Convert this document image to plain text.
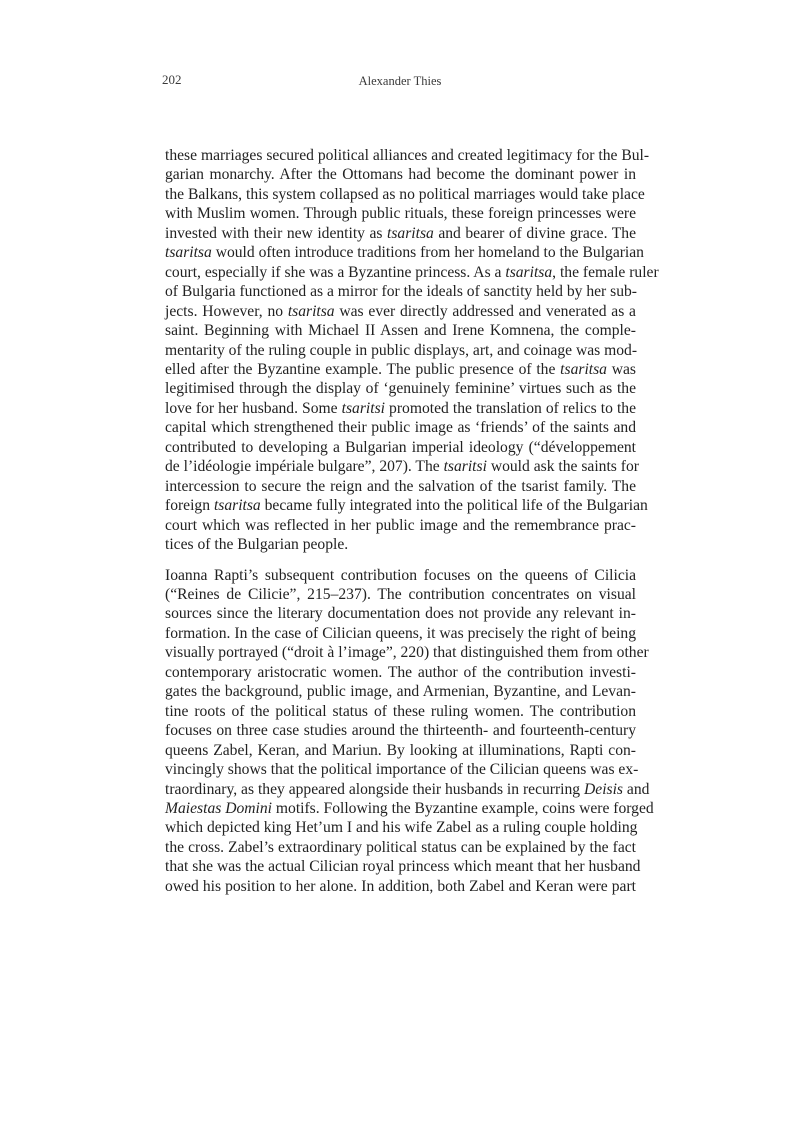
202	Alexander Thies

these marriages secured political alliances and created legitimacy for the Bul-
garian monarchy. After the Ottomans had become the dominant power in
the Balkans, this system collapsed as no political marriages would take place
with Muslim women. Through public rituals, these foreign princesses were
invested with their new identity as tsaritsa and bearer of divine grace. The
tsaritsa would often introduce traditions from her homeland to the Bulgarian
court, especially if she was a Byzantine princess. As a tsaritsa, the female ruler
of Bulgaria functioned as a mirror for the ideals of sanctity held by her sub-
jects. However, no tsaritsa was ever directly addressed and venerated as a
saint. Beginning with Michael II Assen and Irene Komnena, the comple-
mentarity of the ruling couple in public displays, art, and coinage was mod-
elled after the Byzantine example. The public presence of the tsaritsa was
legitimised through the display of ‘genuinely feminine’ virtues such as the
love for her husband. Some tsaritsi promoted the translation of relics to the
capital which strengthened their public image as ‘friends’ of the saints and
contributed to developing a Bulgarian imperial ideology (“développement
de l’idéologie impériale bulgare”, 207). The tsaritsi would ask the saints for
intercession to secure the reign and the salvation of the tsarist family. The
foreign tsaritsa became fully integrated into the political life of the Bulgarian
court which was reflected in her public image and the remembrance prac-
tices of the Bulgarian people.

Ioanna Rapti’s subsequent contribution focuses on the queens of Cilicia
(“Reines de Cilicie”, 215–237). The contribution concentrates on visual
sources since the literary documentation does not provide any relevant in-
formation. In the case of Cilician queens, it was precisely the right of being
visually portrayed (“droit à l’image”, 220) that distinguished them from other
contemporary aristocratic women. The author of the contribution investi-
gates the background, public image, and Armenian, Byzantine, and Levan-
tine roots of the political status of these ruling women. The contribution
focuses on three case studies around the thirteenth- and fourteenth-century
queens Zabel, Keran, and Mariun. By looking at illuminations, Rapti con-
vincingly shows that the political importance of the Cilician queens was ex-
traordinary, as they appeared alongside their husbands in recurring Deisis and
Maiestas Domini motifs. Following the Byzantine example, coins were forged
which depicted king Het’um I and his wife Zabel as a ruling couple holding
the cross. Zabel’s extraordinary political status can be explained by the fact
that she was the actual Cilician royal princess which meant that her husband
owed his position to her alone. In addition, both Zabel and Keran were part
